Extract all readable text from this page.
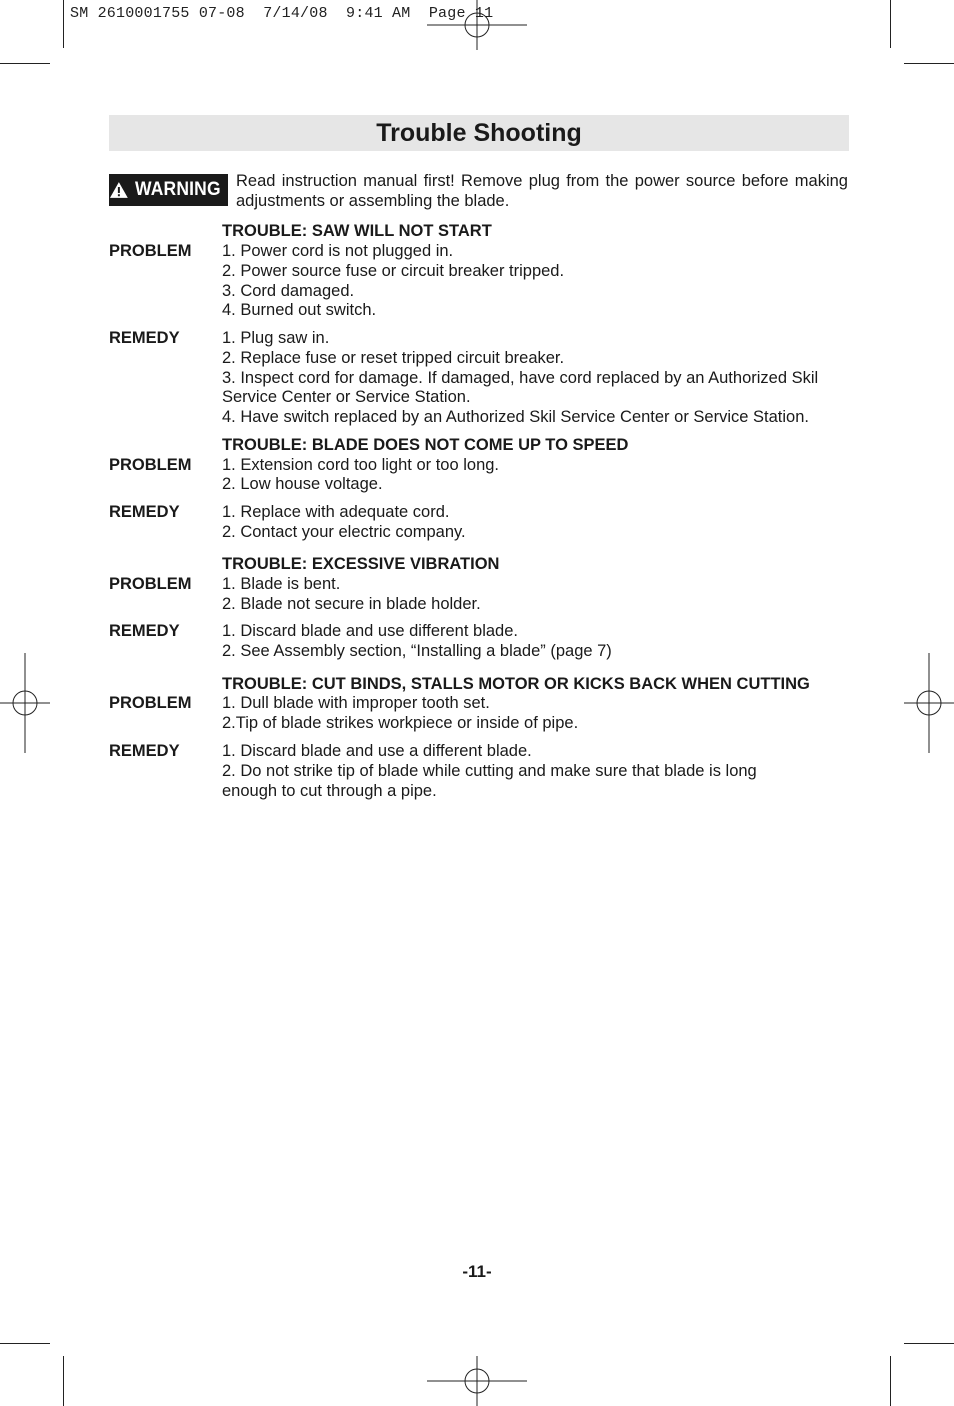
SM 2610001755 07-08  7/14/08  9:41 AM  Page 11
Trouble Shooting
WARNING Read instruction manual first! Remove plug from the power source before making adjustments or assembling the blade.
TROUBLE: SAW WILL NOT START
PROBLEM 1. Power cord is not plugged in.
2. Power source fuse or circuit breaker tripped.
3. Cord damaged.
4. Burned out switch.
REMEDY	1. Plug saw in.
2. Replace fuse or reset tripped circuit breaker.
3. Inspect cord for damage. If damaged, have cord replaced by an Authorized Skil
Service Center or Service Station.
4. Have switch replaced by an Authorized Skil Service Center or Service Station.
TROUBLE: BLADE DOES NOT COME UP TO SPEED
PROBLEM 1. Extension cord too light or too long.
2. Low house voltage.
REMEDY	1. Replace with adequate cord.
2. Contact your electric company.
TROUBLE: EXCESSIVE VIBRATION
PROBLEM 1. Blade is bent.
2. Blade not secure in blade holder.
REMEDY	1. Discard blade and use different blade.
2. See Assembly section, “Installing a blade” (page 7)
TROUBLE: CUT BINDS, STALLS MOTOR OR KICKS BACK WHEN CUTTING
PROBLEM 1. Dull blade with improper tooth set.
2.Tip of blade strikes workpiece or inside of pipe.
REMEDY	1. Discard blade and use a different blade.
2. Do not strike tip of blade while cutting and make sure that blade is long
enough to cut through a pipe.
-11-
